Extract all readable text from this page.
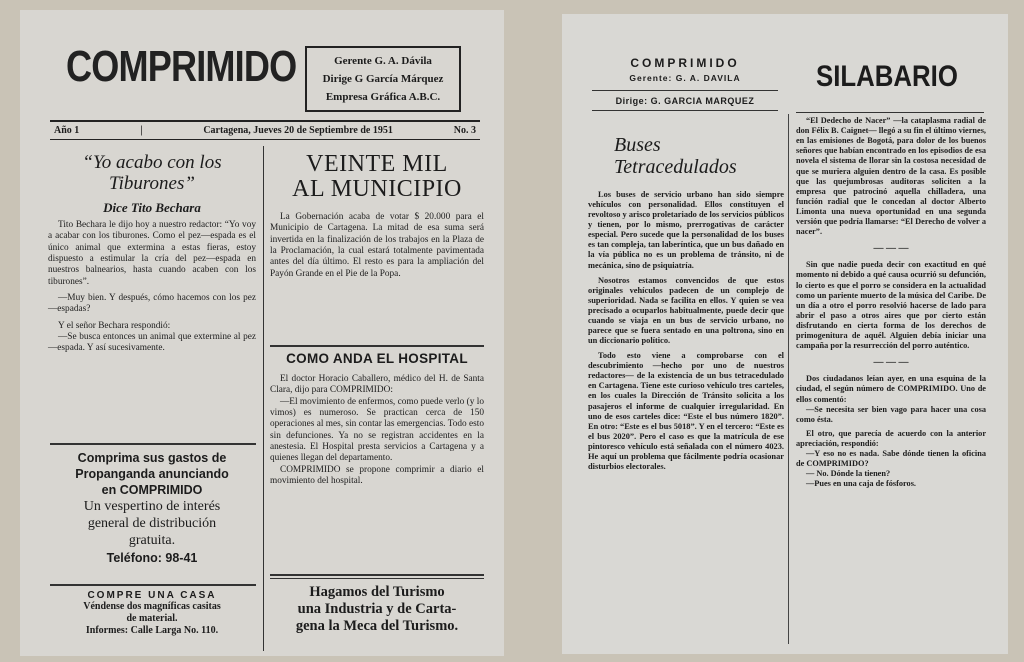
COMPRIMIDO	Gerente G. A. Dávila
Dirige G García Márquez
Empresa Gráfica A.B.C.
Año 1	|	Cartagena, Jueves 20 de Septiembre de 1951	No. 3
“Yo acabo con los Tiburones”
Dice Tito Bechara

Tito Bechara le dijo hoy a nuestro redactor: “Yo voy a acabar con los tiburones. Como el pez—espada es el único animal que extermina a estas fieras, estoy dispuesto a estimular la cría del pez—espada en nuestros balnearios, hasta cuando acaben con los tiburones”.

—Muy bien. Y después, cómo hacemos con los pez—espadas?

Y el señor Bechara respondió:

—Se busca entonces un animal que extermine al pez—espada. Y así sucesivamente.

Comprima sus gastos de
Propanganda anunciando
en COMPRIMIDO
Un vespertino de interés
general de distribución
gratuita.
Teléfono: 98-41
COMPRE UNA CASA
Véndense dos magníficas casitas
de material.
Informes: Calle Larga No. 110.
VEINTE MIL
AL MUNICIPIO

La Gobernación acaba de votar $ 20.000 para el Municipio de Cartagena. La mitad de esa suma será invertida en la finalización de los trabajos en la Plaza de la Proclamación, la cual estará totalmente pavimentada antes del día último. El resto es para la ampliación del Payón Grande en el Pie de la Popa.

COMO ANDA EL HOSPITAL

El doctor Horacio Caballero, médico del H. de Santa Clara, dijo para COMPRIMIDO:

—El movimiento de enfermos, como puede verlo (y lo vimos) es numeroso. Se practican cerca de 150 operaciones al mes, sin contar las emergencias. Todo esto sin defunciones. Ya no se registran accidentes en la anestesia. El Hospital presta servicios a Cartagena y a quienes llegan del departamento.

COMPRIMIDO se propone comprimir a diario el movimiento del hospital.

Hagamos del Turismo
una Industria y de Carta-
gena la Meca del Turismo.
COMPRIMIDO
Gerente: G. A. DAVILA
Dirige: G. GARCIA MARQUEZ
SILABARIO
Buses
Tetracedulados

Los buses de servicio urbano han sido siempre vehículos con personalidad. Ellos constituyen el revoltoso y arisco proletariado de los servicios públicos y tienen, por lo mismo, prerrogativas de carácter especial. Pero sucede que la personalidad de los buses es tan compleja, tan laberíntica, que un bus dañado en la vía pública no es un problema de tránsito, ni de mecánica, sino de psiquiatría.

Nosotros estamos convencidos de que estos originales vehículos padecen de un complejo de superioridad. Nada se facilita en ellos. Y quien se vea precisado a ocuparlos habitualmente, puede decir que cuando se viaja en un bus de servicio urbano, no parece que se fuera sentado en una poltrona, sino en un diccionario político.

Todo esto viene a comprobarse con el descubrimiento —hecho por uno de nuestros redactores— de la existencia de un bus tetracedulado en Cartagena. Tiene este curioso vehículo tres carteles, en los cuales la Dirección de Tránsito solicita a los pasajeros el informe de cualquier irregularidad. En uno de esos carteles dice: “Este el bus número 1820”. En otro: “Este es el bus 5018”. Y en el tercero: “Este es el bus 2020”. Pero el caso es que la matrícula de ese pintoresco vehículo está señalada con el número 4023. He aquí un problema que fácilmente podría ocasionar disturbios electorales.

“El Dedecho de Nacer” —la cataplasma radial de don Félix B. Caignet— llegó a su fin el último viernes, en las emisiones de Bogotá, para dolor de los buenos señores que habían encontrado en los episodios de esa novela el sistema de llorar sin la costosa necesidad de que se muriera alguien dentro de la casa. Es posible que las quejumbrosas auditoras soliciten a la empresa que patrocinó aquella chilladera, una función radial que le concedan al doctor Alberto Limonta una nueva oportunidad en una segunda versión que podría llamarse: “El Derecho de volver a nacer”.

— — —

Sin que nadie pueda decir con exactitud en qué momento ni debido a qué causa ocurrió su defunción, lo cierto es que el porro se considera en la actualidad como un pariente muerto de la música del Caribe. De un día a otro el porro resolvió hacerse de lado para abrir el paso a otros aires que por cierto están disfrutando en cierta forma de los derechos de primogenitura de aquél. Alguien debía iniciar una campaña por la resurrección del porro auténtico.

— — —

Dos ciudadanos leían ayer, en una esquina de la ciudad, el según número de COMPRIMIDO. Uno de ellos comentó:

—Se necesita ser bien vago para hacer una cosa como ésta.

El otro, que parecía de acuerdo con la anterior apreciación, respondió:

—Y eso no es nada. Sabe dónde tienen la oficina de COMPRIMIDO?

— No. Dónde la tienen?

—Pues en una caja de fósforos.
